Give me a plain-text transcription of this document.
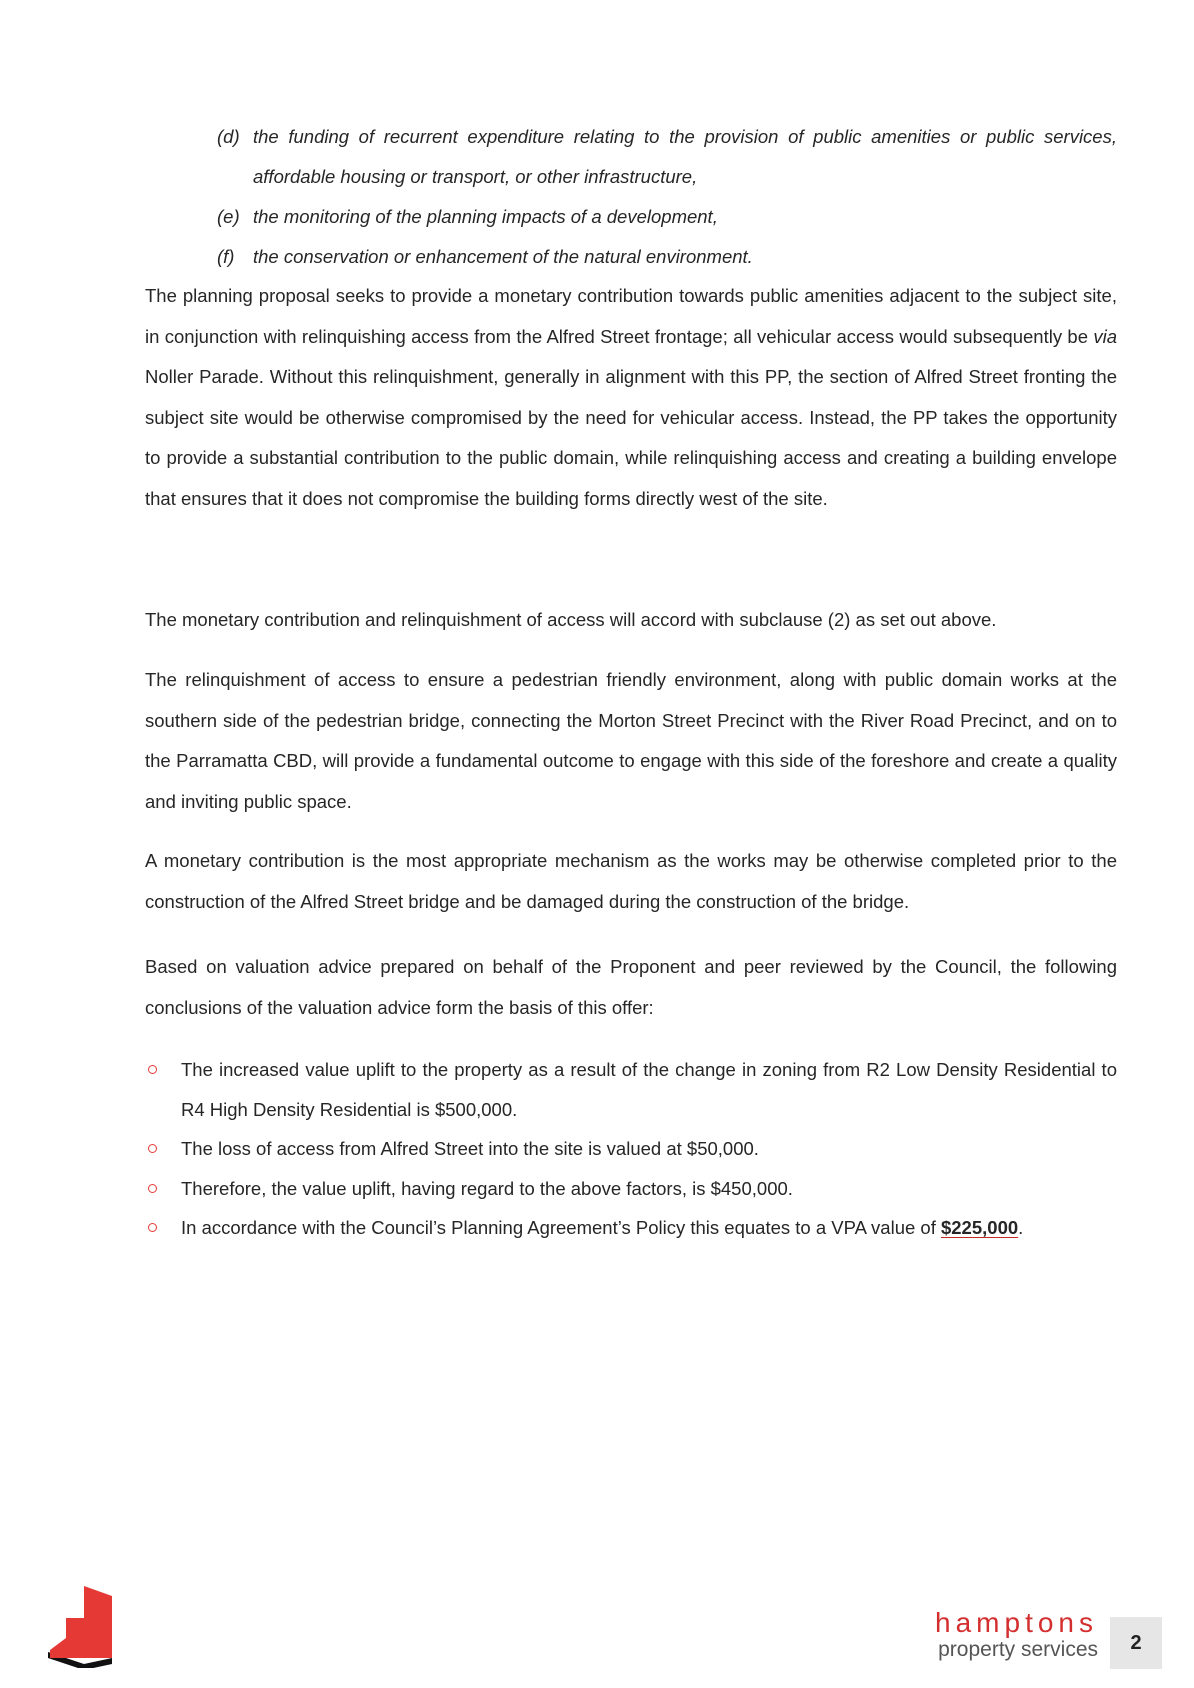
(d) the funding of recurrent expenditure relating to the provision of public amenities or public services, affordable housing or transport, or other infrastructure,
(e) the monitoring of the planning impacts of a development,
(f) the conservation or enhancement of the natural environment.

The planning proposal seeks to provide a monetary contribution towards public amenities adjacent to the subject site, in conjunction with relinquishing access from the Alfred Street frontage; all vehicular access would subsequently be via Noller Parade. Without this relinquishment, generally in alignment with this PP, the section of Alfred Street fronting the subject site would be otherwise compromised by the need for vehicular access. Instead, the PP takes the opportunity to provide a substantial contribution to the public domain, while relinquishing access and creating a building envelope that ensures that it does not compromise the building forms directly west of the site.

The monetary contribution and relinquishment of access will accord with subclause (2) as set out above.

The relinquishment of access to ensure a pedestrian friendly environment, along with public domain works at the southern side of the pedestrian bridge, connecting the Morton Street Precinct with the River Road Precinct, and on to the Parramatta CBD, will provide a fundamental outcome to engage with this side of the foreshore and create a quality and inviting public space.

A monetary contribution is the most appropriate mechanism as the works may be otherwise completed prior to the construction of the Alfred Street bridge and be damaged during the construction of the bridge.

Based on valuation advice prepared on behalf of the Proponent and peer reviewed by the Council, the following conclusions of the valuation advice form the basis of this offer:

The increased value uplift to the property as a result of the change in zoning from R2 Low Density Residential to R4 High Density Residential is $500,000.
The loss of access from Alfred Street into the site is valued at $50,000.
Therefore, the value uplift, having regard to the above factors, is $450,000.
In accordance with the Council’s Planning Agreement’s Policy this equates to a VPA value of $225,000.
hamptons
property services	2
